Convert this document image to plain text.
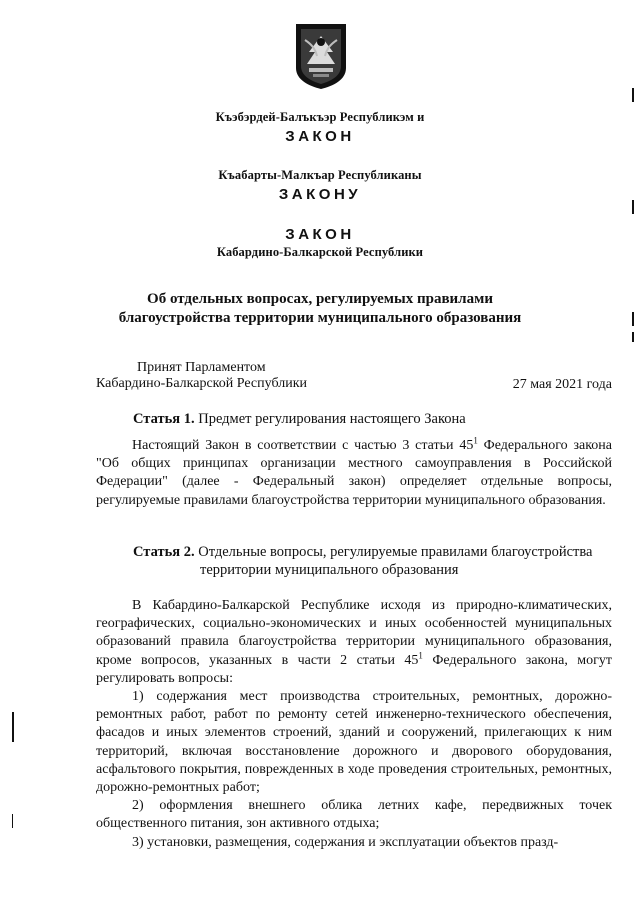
Къэбэрдей-Балъкъэр Республикэм и
ЗАКОН
Къабарты-Малкъар Республиканы
ЗАКОНУ
ЗАКОН
Кабардино-Балкарской Республики
Об отдельных вопросах, регулируемых правилами
благоустройства территории муниципального образования
Принят Парламентом
Кабардино-Балкарской Республики	27 мая 2021 года
Статья 1. Предмет регулирования настоящего Закона

Настоящий Закон в соответствии с частью 3 статьи $45^1$ Федерального закона "Об общих принципах организации местного самоуправления в Российской Федерации" (далее - Федеральный закон) определяет отдельные вопросы, регулируемые правилами благоустройства территории муниципального образования.

Статья 2. Отдельные вопросы, регулируемые правилами благоустройства
территории муниципального образования

В Кабардино-Балкарской Республике исходя из природно-климатических, географических, социально-экономических и иных особенностей муниципальных образований правила благоустройства территории муниципального образования, кроме вопросов, указанных в части 2 статьи $45^1$ Федерального закона, могут регулировать вопросы:

1) содержания мест производства строительных, ремонтных, дорожно-ремонтных работ, работ по ремонту сетей инженерно-технического обеспечения, фасадов и иных элементов строений, зданий и сооружений, прилегающих к ним территорий, включая восстановление дорожного и дворового оборудования, асфальтового покрытия, поврежденных в ходе проведения строительных, ремонтных, дорожно-ремонтных работ;

2) оформления внешнего облика летних кафе, передвижных точек общественного питания, зон активного отдыха;

3) установки, размещения, содержания и эксплуатации объектов празд-
